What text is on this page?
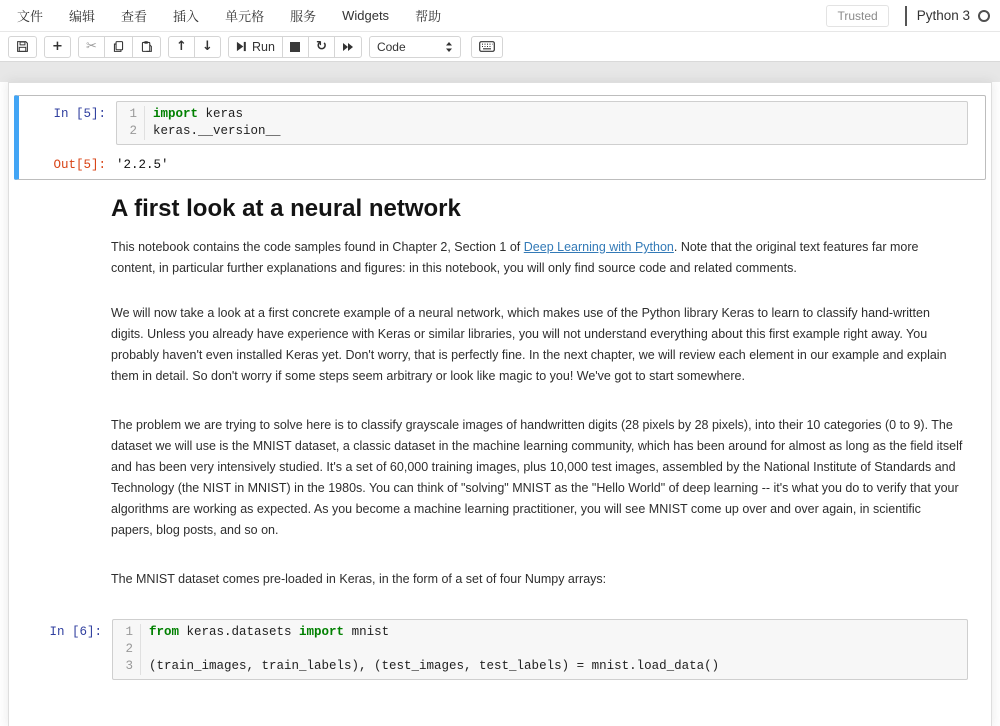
文件	编辑	查看	插入	单元格	服务	Widgets	帮助	Trusted	Python 3
+ ✂	↑ ↓	Run	↻	Code
In [5]:	1	import keras
2	keras.__version__
Out[5]: '2.2.5'
A first look at a neural network

This notebook contains the code samples found in Chapter 2, Section 1 of Deep Learning with Python. Note that the original text features far more content, in particular further explanations and figures: in this notebook, you will only find source code and related comments.

We will now take a look at a first concrete example of a neural network, which makes use of the Python library Keras to learn to classify hand-written digits. Unless you already have experience with Keras or similar libraries, you will not understand everything about this first example right away. You probably haven't even installed Keras yet. Don't worry, that is perfectly fine. In the next chapter, we will review each element in our example and explain them in detail. So don't worry if some steps seem arbitrary or look like magic to you! We've got to start somewhere.

The problem we are trying to solve here is to classify grayscale images of handwritten digits (28 pixels by 28 pixels), into their 10 categories (0 to 9). The dataset we will use is the MNIST dataset, a classic dataset in the machine learning community, which has been around for almost as long as the field itself and has been very intensively studied. It's a set of 60,000 training images, plus 10,000 test images, assembled by the National Institute of Standards and Technology (the NIST in MNIST) in the 1980s. You can think of "solving" MNIST as the "Hello World" of deep learning -- it's what you do to verify that your algorithms are working as expected. As you become a machine learning practitioner, you will see MNIST come up over and over again, in scientific papers, blog posts, and so on.

The MNIST dataset comes pre-loaded in Keras, in the form of a set of four Numpy arrays:

In [6]:	1	from keras.datasets import mnist
2
3	(train_images, train_labels), (test_images, test_labels) = mnist.load_data()
